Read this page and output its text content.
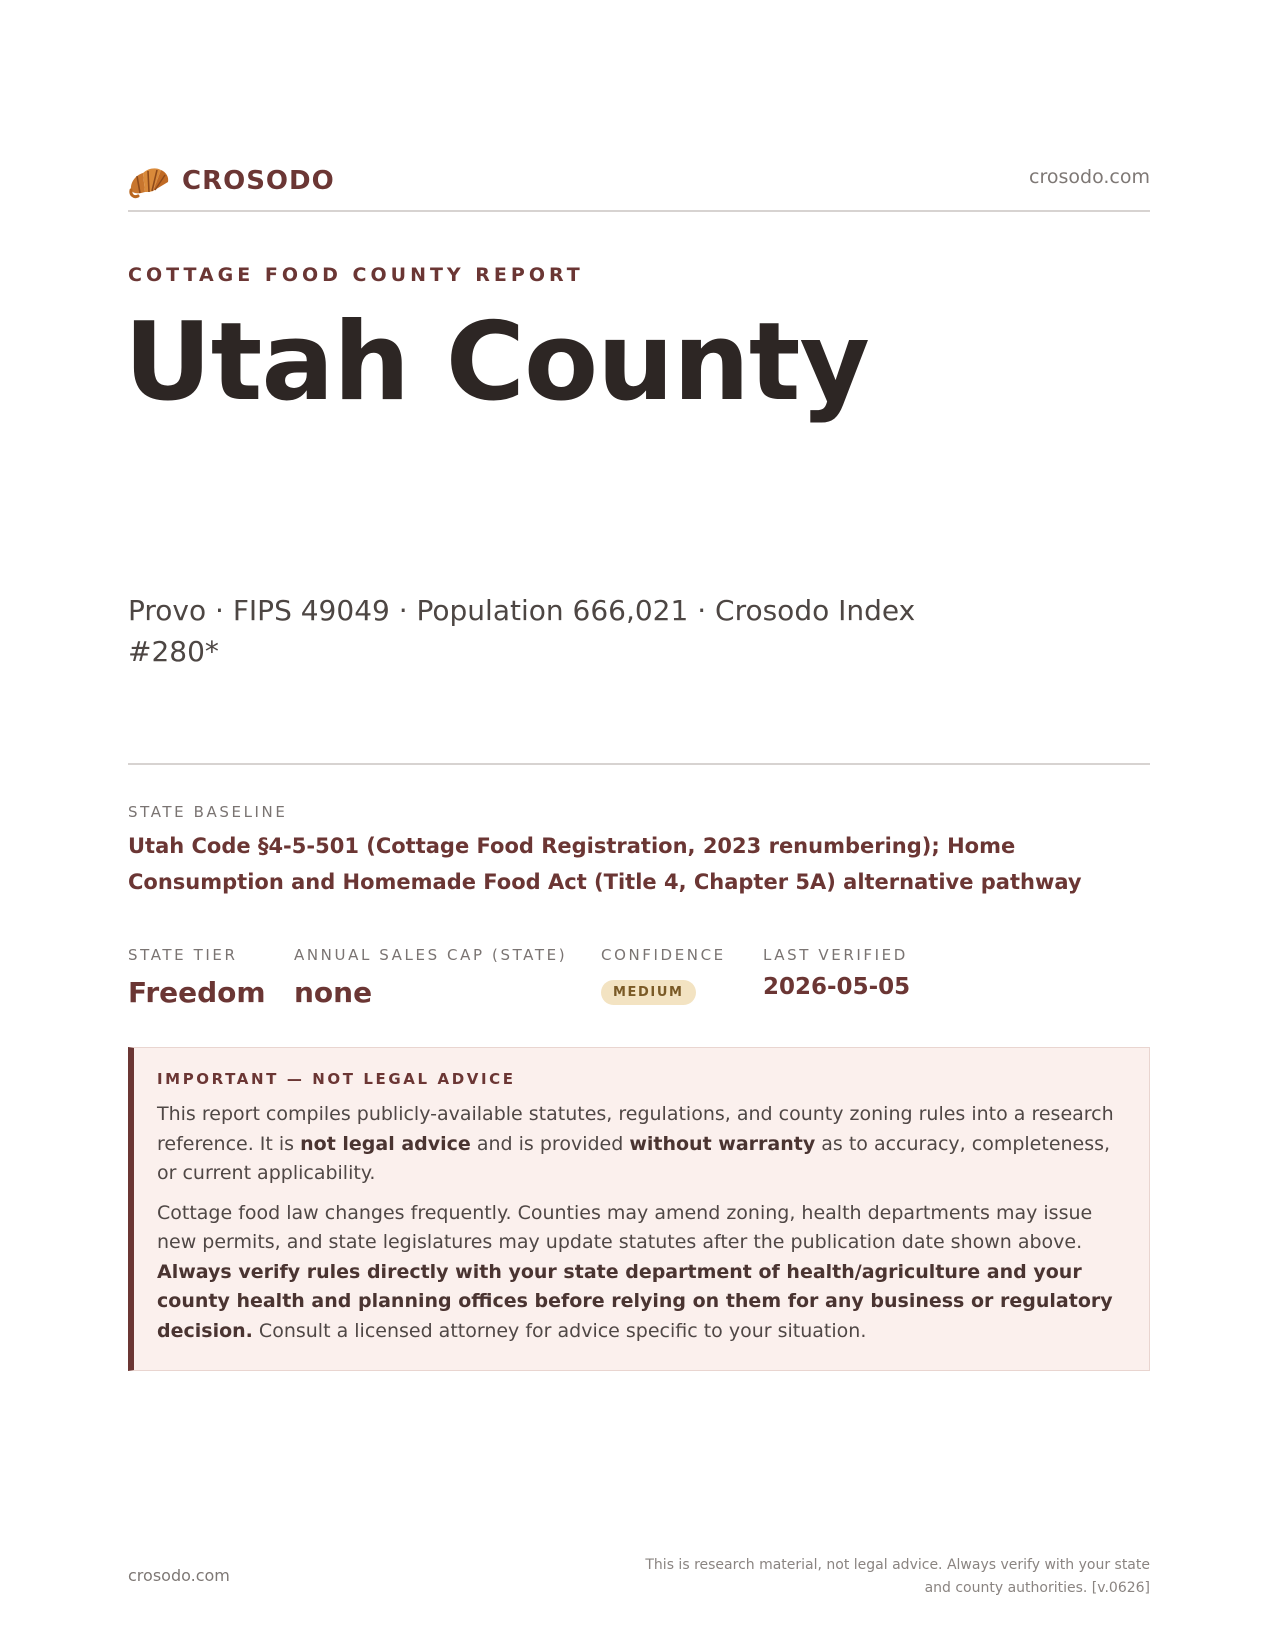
CROSODO	crosodo.com
COTTAGE FOOD COUNTY REPORT
Utah County

Provo · FIPS 49049 · Population 666,021 · Crosodo Index #280*

STATE BASELINE

Utah Code §4-5-501 (Cottage Food Registration, 2023 renumbering); Home Consumption and Homemade Food Act (Title 4, Chapter 5A) alternative pathway

STATE TIER
Freedom
ANNUAL SALES CAP (STATE)
none
CONFIDENCE
MEDIUM
LAST VERIFIED
2026-05-05
IMPORTANT — NOT LEGAL ADVICE

This report compiles publicly-available statutes, regulations, and county zoning rules into a research reference. It is not legal advice and is provided without warranty as to accuracy, completeness, or current applicability.

Cottage food law changes frequently. Counties may amend zoning, health departments may issue new permits, and state legislatures may update statutes after the publication date shown above. Always verify rules directly with your state department of health/agriculture and your county health and planning offices before relying on them for any business or regulatory decision. Consult a licensed attorney for advice specific to your situation.

crosodo.com
This is research material, not legal advice. Always verify with your state
and county authorities. [v.0626]
